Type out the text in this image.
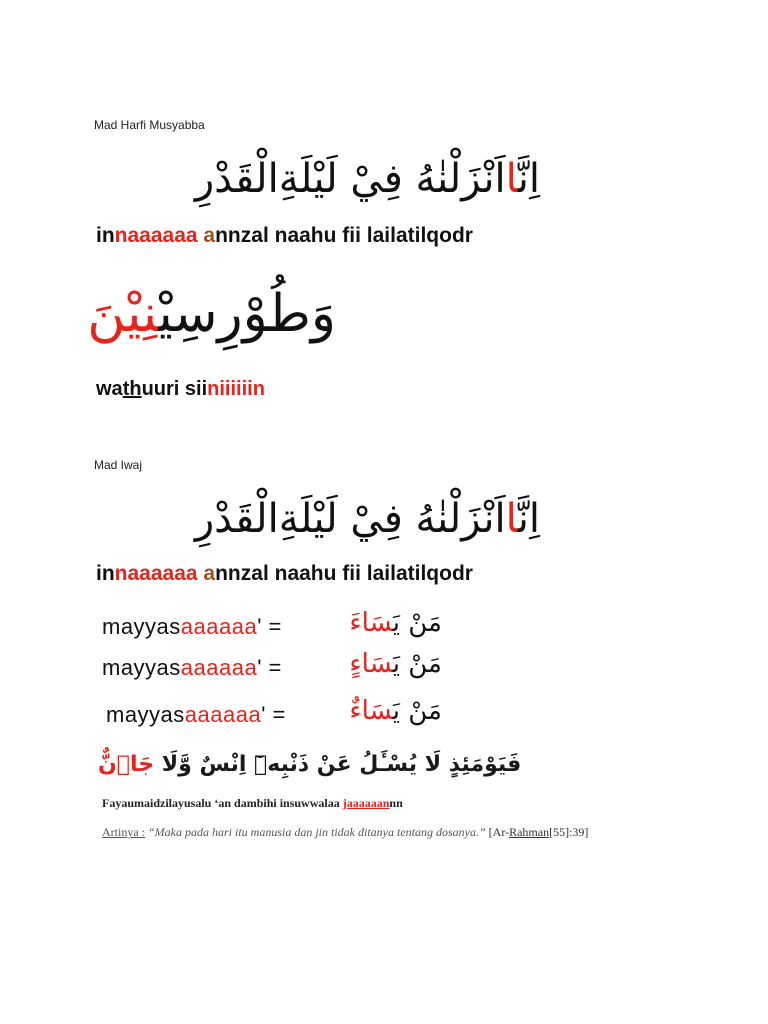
Mad Harfi Musyabba
اِنَّااَنْزَلْنٰهُ فِيْ لَيْلَةِالْقَدْرِ
innaaaaaa annzal naahu fii lailatilqodr
وَطُوْرِسِيْنِيْنَ
wathuuri siiniiiiiin
Mad Iwaj
اِنَّااَنْزَلْنٰهُ فِيْ لَيْلَةِالْقَدْرِ
innaaaaaa annzal naahu fii lailatilqodr
mayyasaaaaaa' =	مَنْ يَسَاءَ
mayyasaaaaaa' =	مَنْ يَسَاءٍ
mayyasaaaaaa' =	مَنْ يَسَاءٌ
فَيَوْمَئِذٍ لَا يُسْـَٔلُ عَنْ ذَنْبِهٖٓ اِنْسٌ وَّلَا جَاۤنٌّ
Fayaumaidzilayusalu ‘an dambihi insuwwalaa jaaaaaannn
Artinya : “Maka pada hari itu manusia dan jin tidak ditanya tentang dosanya.” [Ar-Rahman[55]:39]
